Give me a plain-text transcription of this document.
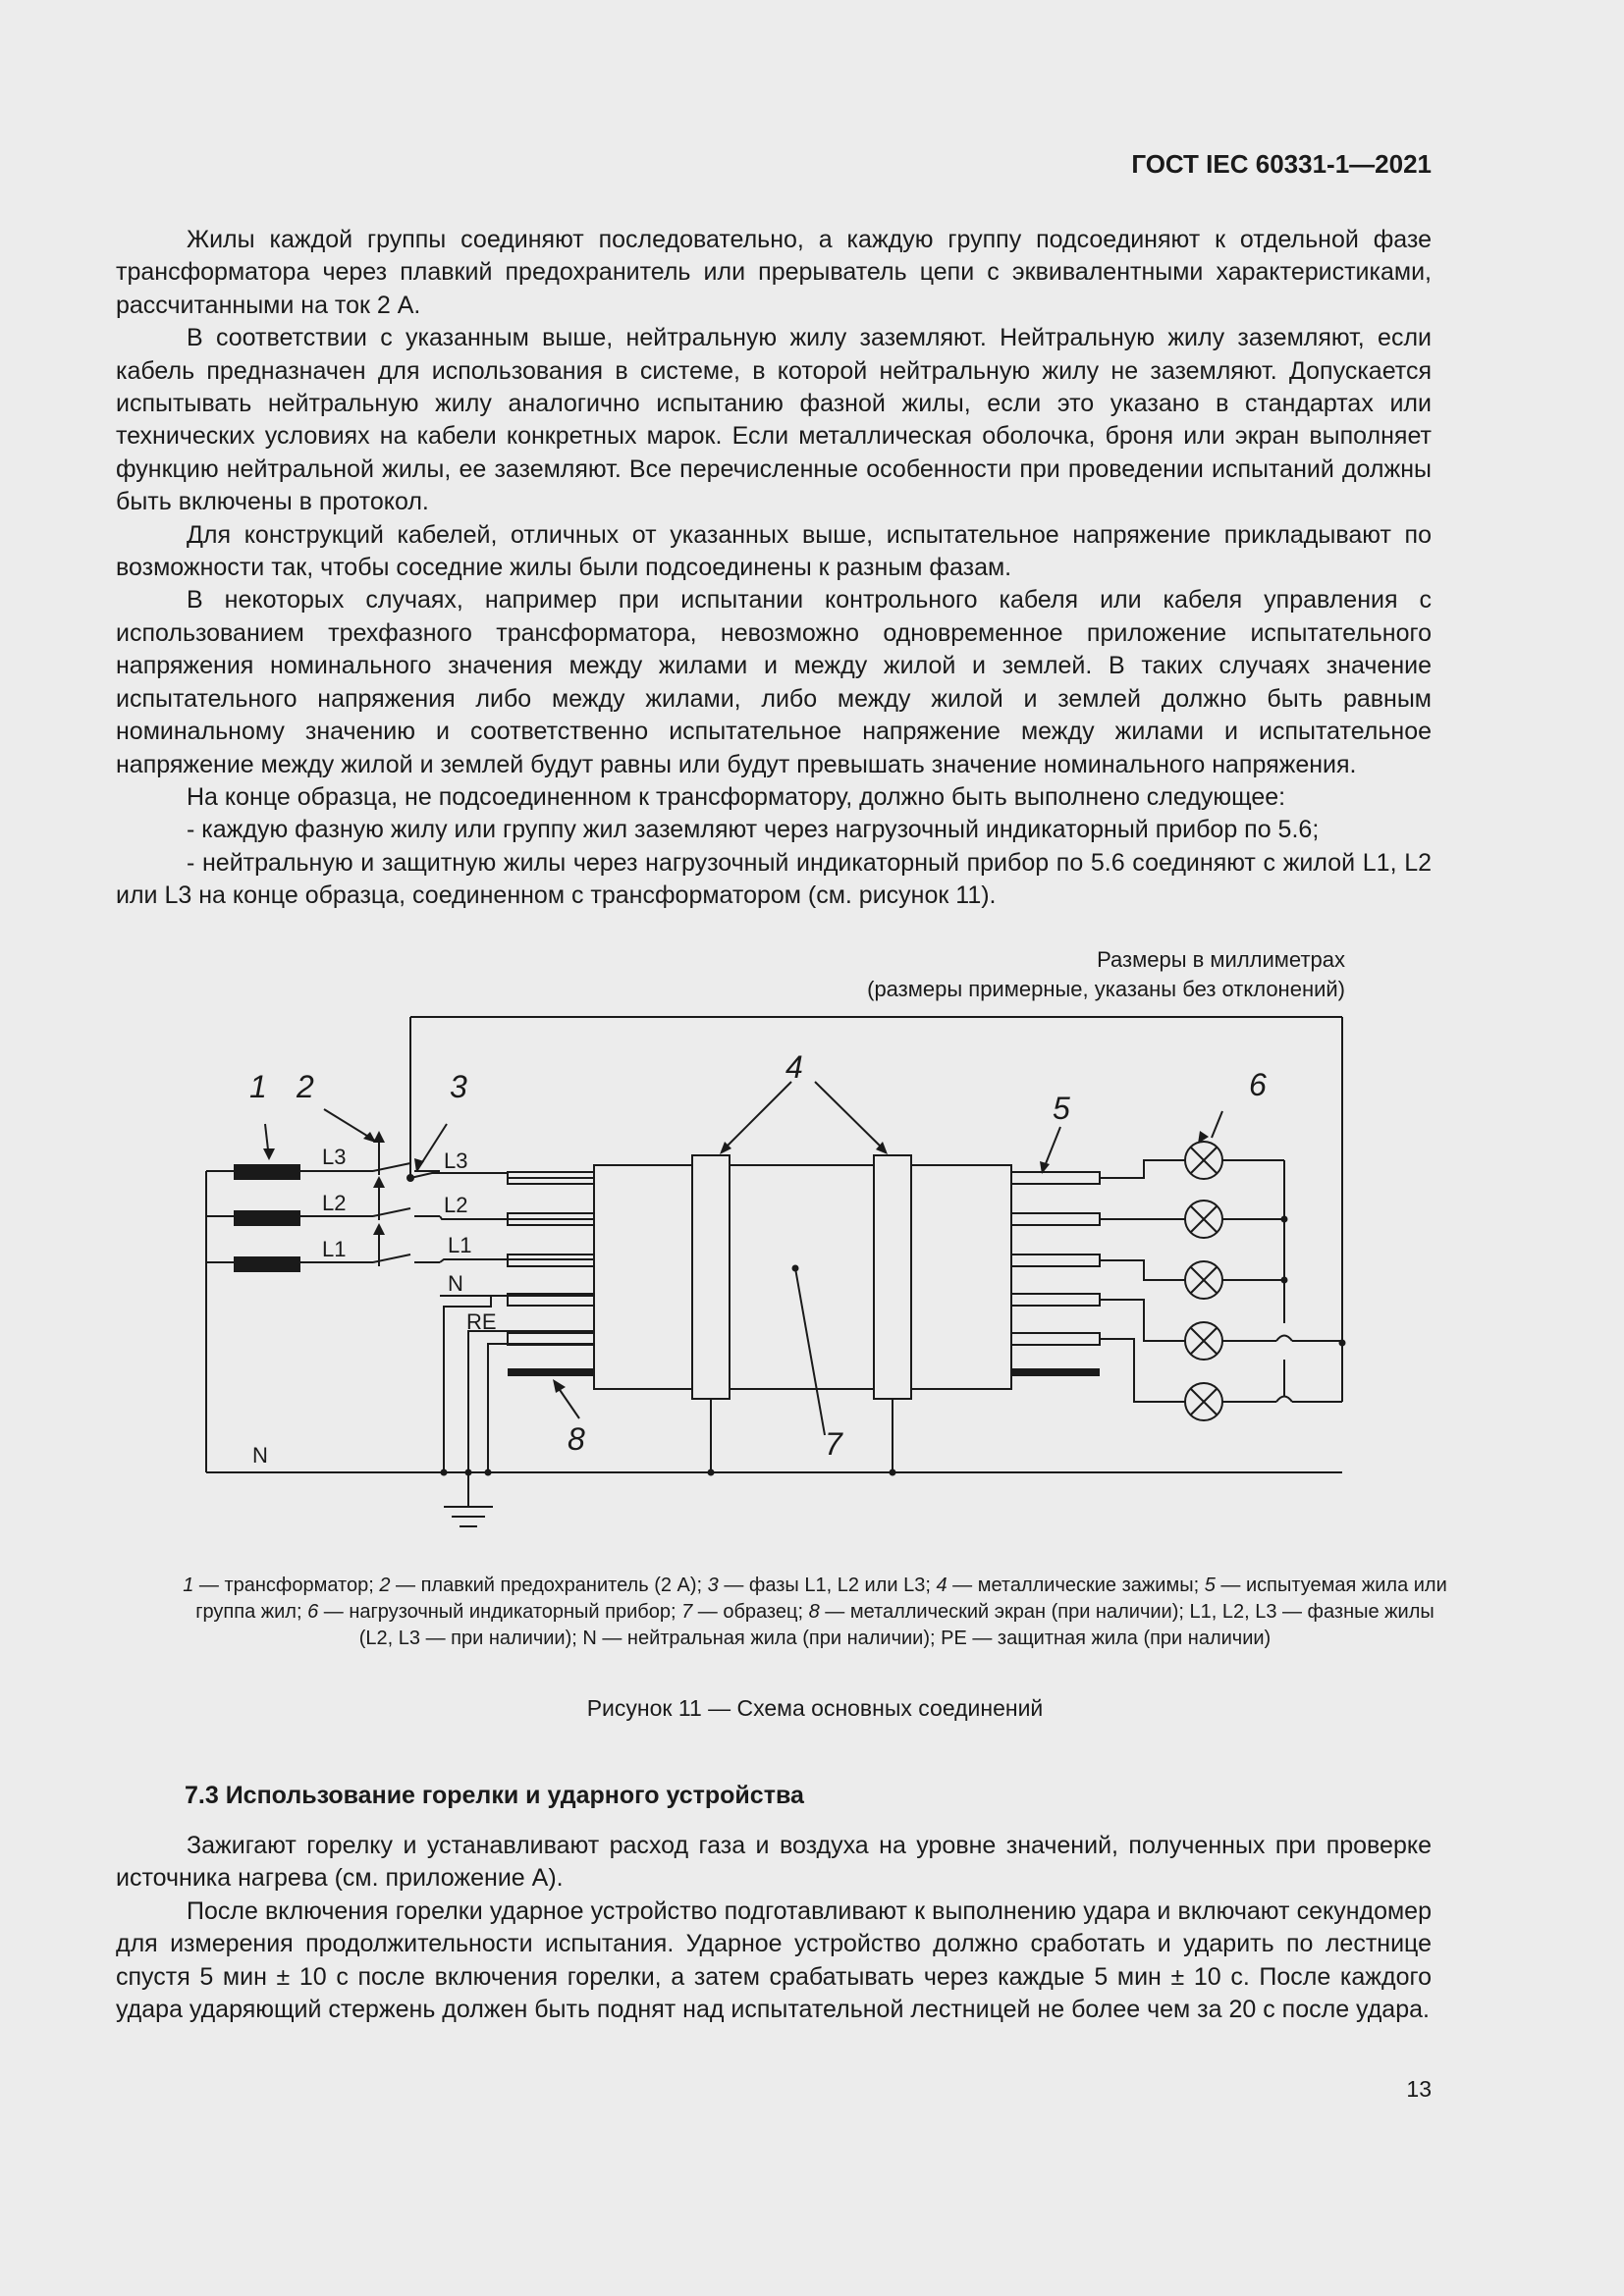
ГОСТ IEC 60331-1—2021

Жилы каждой группы соединяют последовательно, а каждую группу подсоединяют к отдельной фазе трансформатора через плавкий предохранитель или прерыватель цепи с эквивалентными характеристиками, рассчитанными на ток 2 А.

В соответствии с указанным выше, нейтральную жилу заземляют. Нейтральную жилу заземляют, если кабель предназначен для использования в системе, в которой нейтральную жилу не заземляют. Допускается испытывать нейтральную жилу аналогично испытанию фазной жилы, если это указано в стандартах или технических условиях на кабели конкретных марок. Если металлическая оболочка, броня или экран выполняет функцию нейтральной жилы, ее заземляют. Все перечисленные особенности при проведении испытаний должны быть включены в протокол.

Для конструкций кабелей, отличных от указанных выше, испытательное напряжение прикладывают по возможности так, чтобы соседние жилы были подсоединены к разным фазам.

В некоторых случаях, например при испытании контрольного кабеля или кабеля управления с использованием трехфазного трансформатора, невозможно одновременное приложение испытательного напряжения номинального значения между жилами и между жилой и землей. В таких случаях значение испытательного напряжения либо между жилами, либо между жилой и землей должно быть равным номинальному значению и соответственно испытательное напряжение между жилами и испытательное напряжение между жилой и землей будут равны или будут превышать значение номинального напряжения.

На конце образца, не подсоединенном к трансформатору, должно быть выполнено следующее:

- каждую фазную жилу или группу жил заземляют через нагрузочный индикаторный прибор по 5.6;

- нейтральную и защитную жилы через нагрузочный индикаторный прибор по 5.6 соединяют с жилой L1, L2 или L3 на конце образца, соединенном с трансформатором (см. рисунок 11).

Размеры в миллиметрах
(размеры примерные, указаны без отклонений)
1 2	3
4
5
6
7
8
L3
L2
L1
L3
L2
L1
N
RE
N
1 — трансформатор; 2 — плавкий предохранитель (2 А); 3 — фазы L1, L2 или L3; 4 — металлические зажимы; 5 — испытуемая жила или группа жил; 6 — нагрузочный индикаторный прибор; 7 — образец; 8 — металлический экран (при наличии); L1, L2, L3 — фазные жилы (L2, L3 — при наличии); N — нейтральная жила (при наличии); PE — защитная жила (при наличии)
Рисунок 11 — Схема основных соединений
7.3 Использование горелки и ударного устройства

Зажигают горелку и устанавливают расход газа и воздуха на уровне значений, полученных при проверке источника нагрева (см. приложение А).

После включения горелки ударное устройство подготавливают к выполнению удара и включают секундомер для измерения продолжительности испытания. Ударное устройство должно сработать и ударить по лестнице спустя 5 мин ± 10 с после включения горелки, а затем срабатывать через каждые 5 мин ± 10 с. После каждого удара ударяющий стержень должен быть поднят над испытательной лестницей не более чем за 20 с после удара.

13
